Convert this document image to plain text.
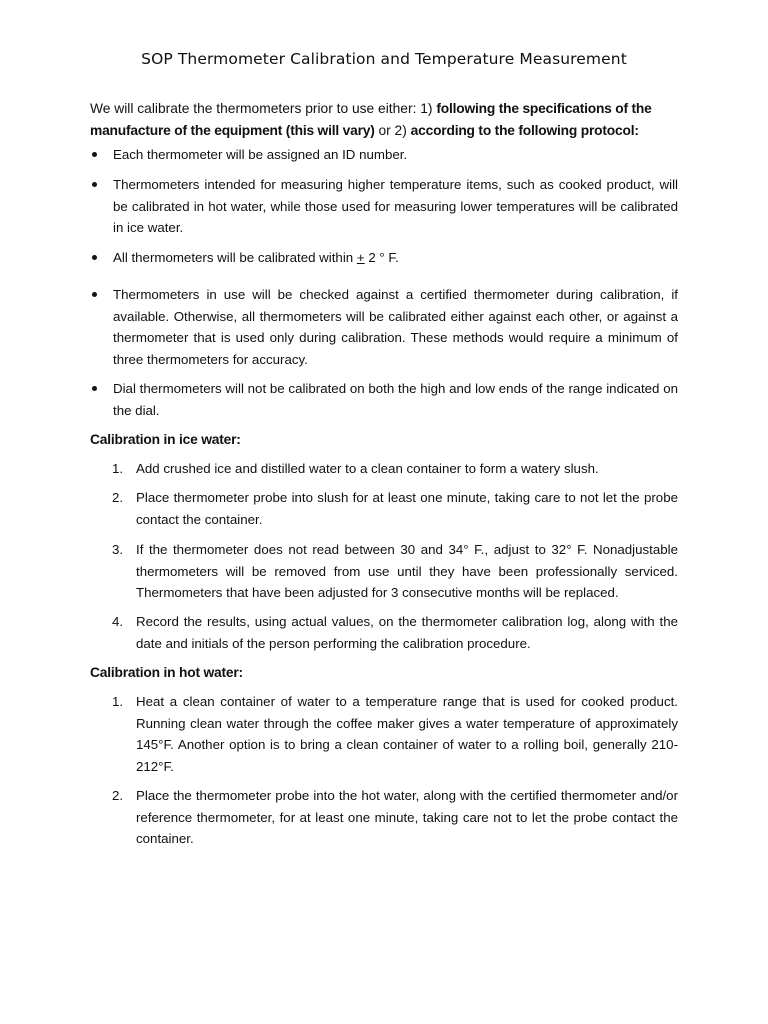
SOP Thermometer Calibration and Temperature Measurement
We will calibrate the thermometers prior to use either: 1) following the specifications of the manufacture of the equipment (this will vary) or 2) according to the following protocol:
Each thermometer will be assigned an ID number.
Thermometers intended for measuring higher temperature items, such as cooked product, will be calibrated in hot water, while those used for measuring lower temperatures will be calibrated in ice water.
All thermometers will be calibrated within + 2 ° F.
Thermometers in use will be checked against a certified thermometer during calibration, if available. Otherwise, all thermometers will be calibrated either against each other, or against a thermometer that is used only during calibration. These methods would require a minimum of three thermometers for accuracy.
Dial thermometers will not be calibrated on both the high and low ends of the range indicated on the dial.
Calibration in ice water:
1. Add crushed ice and distilled water to a clean container to form a watery slush.
2. Place thermometer probe into slush for at least one minute, taking care to not let the probe contact the container.
3. If the thermometer does not read between 30 and 34° F., adjust to 32° F. Nonadjustable thermometers will be removed from use until they have been professionally serviced. Thermometers that have been adjusted for 3 consecutive months will be replaced.
4. Record the results, using actual values, on the thermometer calibration log, along with the date and initials of the person performing the calibration procedure.
Calibration in hot water:
1. Heat a clean container of water to a temperature range that is used for cooked product. Running clean water through the coffee maker gives a water temperature of approximately 145°F. Another option is to bring a clean container of water to a rolling boil, generally 210-212°F.
2. Place the thermometer probe into the hot water, along with the certified thermometer and/or reference thermometer, for at least one minute, taking care not to let the probe contact the container.
